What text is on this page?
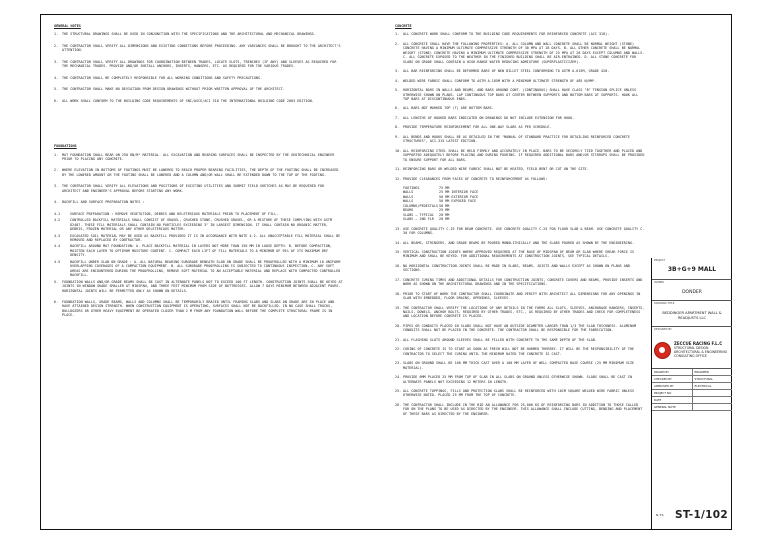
GENERAL NOTES
1.	THE STRUCTURAL DRAWINGS SHALL BE USED IN CONJUNCTION WITH THE SPECIFICATIONS AND THE ARCHITECTURAL AND MECHANICAL DRAWINGS.
2.	THE CONTRACTOR SHALL VERIFY ALL DIMENSIONS AND EXISTING CONDITIONS BEFORE PROCEEDING. ANY VARIANCES SHALL BE BROUGHT TO THE ARCHITECT'S ATTENTION.
3.	THE CONTRACTOR SHALL VERIFY ALL DRAWINGS FOR COORDINATION BETWEEN TRADES, LOCATE SLOTS, TRENCHES (IF ANY) AND SLEEVES AS REQUIRED FOR THE MECHANICAL TRADES. PROVIDE AND/OR INSTALL ANCHORS, INSERTS, HANGERS, ETC. AS REQUIRED FOR THE VARIOUS TRADES.
4.	THE CONTRACTOR SHALL BE COMPLETELY RESPONSIBLE FOR ALL WORKING CONDITIONS AND SAFETY PRECAUTIONS.
5.	THE CONTRACTOR SHALL MAKE NO DEVIATION FROM DESIGN DRAWINGS WITHOUT PRIOR WRITTEN APPROVAL OF THE ARCHITECT.
6.	ALL WORK SHALL CONFORM TO THE BUILDING CODE REQUIREMENTS OF SNI/ASCE/ACI 318 THE INTERNATIONAL BUILDING CODE 2003 EDITION.
FOUNDATIONS
1.	MAT FOUNDATION SHALL BEAR ON 250 KN/M² MATERIAL. ALL EXCAVATION AND BEARING SURFACES SHALL BE INSPECTED BY THE GEOTECHNICAL ENGINEER PRIOR TO PLACING ANY CONCRETE.
2.	WHERE ELEVATION IN BOTTOMS OF FOOTINGS MUST BE LOWERED TO REACH PROPER BEARING FACILITIES, THE DEPTH OF THE FOOTING SHALL BE INCREASED BY THE LOWERED AMOUNT OR THE FOOTING SHALL BE LOWERED AND A COLUMN AND/OR WALL SHALL BE EXTENDED DOWN TO THE TOP OF THE FOOTING.
3.	THE CONTRACTOR SHALL VERIFY ALL ELEVATIONS AND POSITIONS OF EXISTING UTILITIES AND SUBMIT FIELD SKETCHES AS MAY BE REQUIRED FOR ARCHITECT AND ENGINEER'S APPROVAL BEFORE STARTING ANY WORK.
4.	BACKFILL AND SURFACE PREPARATION NOTES :
4.1	SURFACE PREPARATION : REMOVE VEGETATION, DEBRIS AND DELETERIOUS MATERIALS PRIOR TO PLACEMENT OF FILL.
4.2	CONTROLLED BACKFILL MATERIALS SHALL CONSIST OF GRAVEL, CRUSHED STONE, CRUSHED GRAVEL, OR A MIXTURE OF THESE COMPLYING WITH ASTM D2487. THESE FILL MATERIALS SHALL CONTAIN NO PARTICLES EXCEEDING 3" IN LARGEST DIMENSION. IT SHALL CONTAIN NO ORGANIC MATTER, DEBRIS, FROZEN MATERIAL OR ANY OTHER DELETERIOUS MATTER.
4.3	EXCAVATED SOIL MATERIAL MAY BE USED AS BACKFILL PROVIDED IT IS IN ACCORDANCE WITH NOTE 4.2. ALL UNACCEPTABLE FILL MATERIAL SHALL BE REMOVED AND REPLACED BY CONTRACTOR.
4.4	BACKFILL AROUND MAT FOUNDATION: A. PLACE BACKFILL MATERIAL IN LAYERS NOT MORE THAN 150 MM IN LOOSE DEPTH. B. BEFORE COMPACTION, MOISTEN EACH LAYER TO OPTIMUM MOISTURE CONTENT. C. COMPACT EACH LIFT OF FILL MATERIALS TO A MINIMUM OF 95% OF ITS MAXIMUM DRY DENSITY.
4.5	BACKFILL UNDER SLAB ON GRADE : A. ALL NATURAL BEARING SUBGRADE BENEATH SLAB ON GRADE SHALL BE PROOFROLLED WITH A MINIMUM 10 UNIFORM OVERLAPPING COVERAGES OF A COMPACTION EQUIPMENT. B. ALL SUBGRADE PROOFROLLING IS SUBJECTED TO CONTINUOUS INSPECTION. C. ANY SOFT AREAS ARE ENCOUNTERED DURING THE PROOFROLLING, REMOVE SOFT MATERIAL TO AN ACCEPTABLE MATERIAL AND REPLACE WITH COMPACTED CONTROLLED BACKFILL.
5.	FOUNDATION WALLS AND/OR GRADE BEAMS SHALL BE CAST IN ALTERNATE PANELS NOT TO EXCEED 100 FT LENGTH. CONSTRUCTION JOINTS SHALL BE KEYED AT JOINTS IN WINDOW GRADE SMALLER AT MIDSPAN, AND THREE FEET MINIMUM FROM SIDE OF BUTTRESSES. ALLOW 7 DAYS MINIMUM BETWEEN ADJACENT POURS. HORIZONTAL JOINTS WILL BE PERMITTED ONLY AS SHOWN ON DETAILS.
6.	FOUNDATION WALLS, GRADE BEAMS, WALLS AND COLUMNS SHALL BE TEMPORARILY BRACED UNTIL FRAMING SLABS AND SLABS ON GRADE ARE IN PLACE AND HAVE ATTAINED DESIGN STRENGTH. WHEN CONSTRUCTION EQUIPMENT IS OPERATING, SURFACES SHALL NOT BE BACKFILLED. IN NO CASE SHALL TRUCKS, BULLDOZERS OR OTHER HEAVY EQUIPMENT BE OPERATED CLOSER THAN 2 M FROM ANY FOUNDATION WALL BEFORE THE COMPLETE STRUCTURAL FRAME IS IN PLACE.
CONCRETE
1.	ALL CONCRETE WORK SHALL CONFORM TO THE BUILDING CODE REQUIREMENTS FOR REINFORCED CONCRETE (ACI 318).
2.	ALL CONCRETE SHALL HAVE THE FOLLOWING PROPERTIES: A. ALL COLUMN AND WALL CONCRETE SHALL BE NORMAL WEIGHT (STONE) CONCRETE HAVING A MINIMUM ULTIMATE COMPRESSIVE STRENGTH OF 30 MPA AT 28 DAYS. B. ALL OTHER CONCRETE SHALL BE NORMAL WEIGHT (STONE) CONCRETE HAVING A MINIMUM ULTIMATE COMPRESSIVE STRENGTH OF 25 MPA AT 28 DAYS EXCEPT COLUMNS AND WALLS. C. ALL CONCRETE EXPOSED TO THE WEATHER IN THE FINISHED BUILDING SHALL BE AIR-ENTRAINED. D. ALL STONE CONCRETE FOR SLABS ON GRADE SHALL CONTAIN A HIGH-RANGE WATER REDUCING ADMIXTURE (SUPERPLASTICIZER).
3.	ALL BAR REINFORCING SHALL BE DEFORMED BARS OF NEW BILLET STEEL CONFORMING TO ASTM A-615M, GRADE 420.
4.	WELDED WIRE FABRIC SHALL CONFORM TO ASTM A-185M WITH A MINIMUM ULTIMATE STRENGTH OF 485 N/MM².
5.	HORIZONTAL BARS IN WALLS AND BEAMS, AND BARS AROUND CONT. (CONTINUOUS) SHALL HAVE CLASS "B" TENSION SPLICE UNLESS OTHERWISE SHOWN ON PLANS. LAP CONTINUOUS TOP BARS AT CENTER BETWEEN SUPPORTS AND BOTTOM BARS AT SUPPORTS. HOOK ALL TOP BARS AT DISCONTINUOUS ENDS.
6.	ALL BARS NOT MARKED TOP (T) ARE BOTTOM BARS.
7.	ALL LENGTHS OF HOOKED BARS INDICATED ON DRAWINGS DO NOT INCLUDE EXTENSION FOR HOOK.
8.	PROVIDE TEMPERATURE REINFORCEMENT FOR ALL ONE-WAY SLABS AS PER SCHEDULE.
9.	ALL BENDS AND HOOKS SHALL BE AS DETAILED IN THE "MANUAL OF STANDARD PRACTICE FOR DETAILING REINFORCED CONCRETE STRUCTURES", ACI-315 LATEST EDITION.
10. ALL REINFORCING STEEL SHALL BE HELD FIRMLY AND ACCURATELY IN PLACE. BARS TO BE SECURELY TIED TOGETHER AND PLACED AND SUPPORTED ADEQUATELY BEFORE PLACING AND DURING POURING. IF REQUIRED ADDITIONAL BARS AND/OR STIRRUPS SHALL BE PROVIDED TO ENSURE SUPPORT FOR ALL BARS.
11. REINFORCING BARS OR WELDED WIRE FABRIC SHALL NOT BE HEATED, FIELD BENT OR CUT ON THE SITE.
12. PROVIDE CLEARANCES FROM FACES OF CONCRETE TO REINFORCEMENT AS FOLLOWS:
FOOTINGS	75 MM
WALLS	25 MM INTERIOR FACE
WALLS	50 MM EXTERIOR FACE
WALLS	50 MM EXPOSED FACE
COLUMNS/PEDESTALS 50 MM
BEAMS	25 MM
SLABS – TYPICAL	20 MM
SLABS – 2ND FLR	20 MM
13. USE CONCRETE QUALITY C-25 FOR BEAM CONCRETE. USE CONCRETE QUALITY C-25 FOR FLOOR SLAB & BEAM. USE CONCRETE QUALITY C-30 FOR COLUMNS.
14. ALL BEAMS, STRINGERS, AND GRADE BEAMS BE POURED MONOLITHICALLY AND THE SLABS POURED AS SHOWN BY THE ENGINEERING.
15. VERTICAL CONSTRUCTION JOINTS WHERE APPROVED REQUIRED AT THE BASE OF MIDSPAN OF BEAM OR SLAB WHERE SHEAR FORCE IS MINIMUM AND SHALL BE KEYED. FOR ADDITIONAL REQUIREMENTS AT CONSTRUCTION JOINTS, SEE TYPICAL DETAILS.
16. NO HORIZONTAL CONSTRUCTION JOINTS SHALL BE MADE IN SLABS, BEAMS, JOISTS AND WALLS EXCEPT AS SHOWN ON PLANS AND SECTIONS.
17. CONCRETE CURING TIMES AND ADDITIONAL DETAILS FOR CONSTRUCTION JOINTS, CONCRETE COVERS AND BEAMS, PROVIDE INSERTS AND WORK AS SHOWN ON THE ARCHITECTURAL DRAWINGS AND IN THE SPECIFICATIONS.
18. PRIOR TO START OF WORK THE CONTRACTOR SHALL COORDINATE AND VERIFY WITH ARCHITECT ALL DIMENSIONS FOR ANY OPENINGS IN SLAB WITH EMBEDDED, FLOOR DRAINS, OPENINGS, SLEEVES.
19. THE CONTRACTOR SHALL VERIFY THE LOCATIONS OF ANY DETAILS IN THE FORMS ALL SLOTS, SLEEVES, ANCHORAGE HANGERS, INSERTS, NAILS, DOWELS, ANCHOR BOLTS, REQUIRED BY OTHER TRADES, ETC., AS REQUIRED BY OTHER TRADES AND CHECK FOR COMPLETENESS AND LOCATION BEFORE CONCRETE IS PLACED.
20. PIPES OR CONDUITS PLACED IN SLABS SHALL NOT HAVE AN OUTSIDE DIAMETER LARGER THAN 1/3 THE SLAB THICKNESS. ALUMINUM CONDUITS SHALL NOT BE PLACED IN THE CONCRETE. THE CONTRACTOR SHALL BE RESPONSIBLE FOR THE FABRICATION.
21. ALL FLASHING SLOTS AROUND SLEEVES SHALL BE FILLED WITH CONCRETE TO THE SAME DEPTH OF THE SLAB.
22. CURING OF CONCRETE IS TO START AS SOON AS FRESH WILL NOT BE HARMED THEREBY. IT WILL BE THE RESPONSIBILITY OF THE CONTRACTOR TO SELECT THE CURING UNTIL THE MINIMUM RATED THE CONCRETE IS CAST.
23. SLABS ON GROUND SHALL BE 100 MM THICK CAST OVER A 100 MM LAYER OF WELL COMPACTED BASE COURSE (25 MM MINIMUM SIZE MATERIAL).
24. PROVIDE 6MM PLACED 25 MM FROM TOP OF SLAB IN ALL SLABS ON GROUND UNLESS OTHERWISE SHOWN. SLABS SHALL BE CAST IN ALTERNATE PANELS NOT EXCEEDING 12 METERS IN LENGTH.
25. ALL CONCRETE TOPPINGS, FILLS AND PROTECTION SLABS SHALL BE REINFORCED WITH 10CM SQUARE WELDED WIRE FABRIC UNLESS OTHERWISE NOTED. PLACED 25 MM FROM THE TOP OF CONCRETE.
26. THE CONTRACTOR SHALL INCLUDE IN THE BID AN ALLOWANCE FOR 25,000 KG OF REINFORCING BARS IN ADDITION TO THOSE CALLED FOR ON THE PLANS TO BE USED AS DIRECTED BY THE ENGINEER. THIS ALLOWANCE SHALL INCLUDE CUTTING, BENDING AND PLACEMENT OF THESE BARS AS DIRECTED BY THE ENGINEER.
PROJECT
3B+G+9 MALL
OWNER
DONDER
DRAWING TITLE
BEDDINGER APARTMENT WALL & READJUSTS LLC
DESIGNED BY
ZECCUE RACING F.L.C
STRUCTURAL DESIGN
ARCHITECTURAL & ENGINEERING
CONSULTING OFFICE
DRAWN BY	ENGINEER
CHECKED BY	STRUCTURAL
APPROVED BY	ELECTRICAL
PROJECT NO
DATE
GENERAL NOTE
N.T.S ST-1/102
